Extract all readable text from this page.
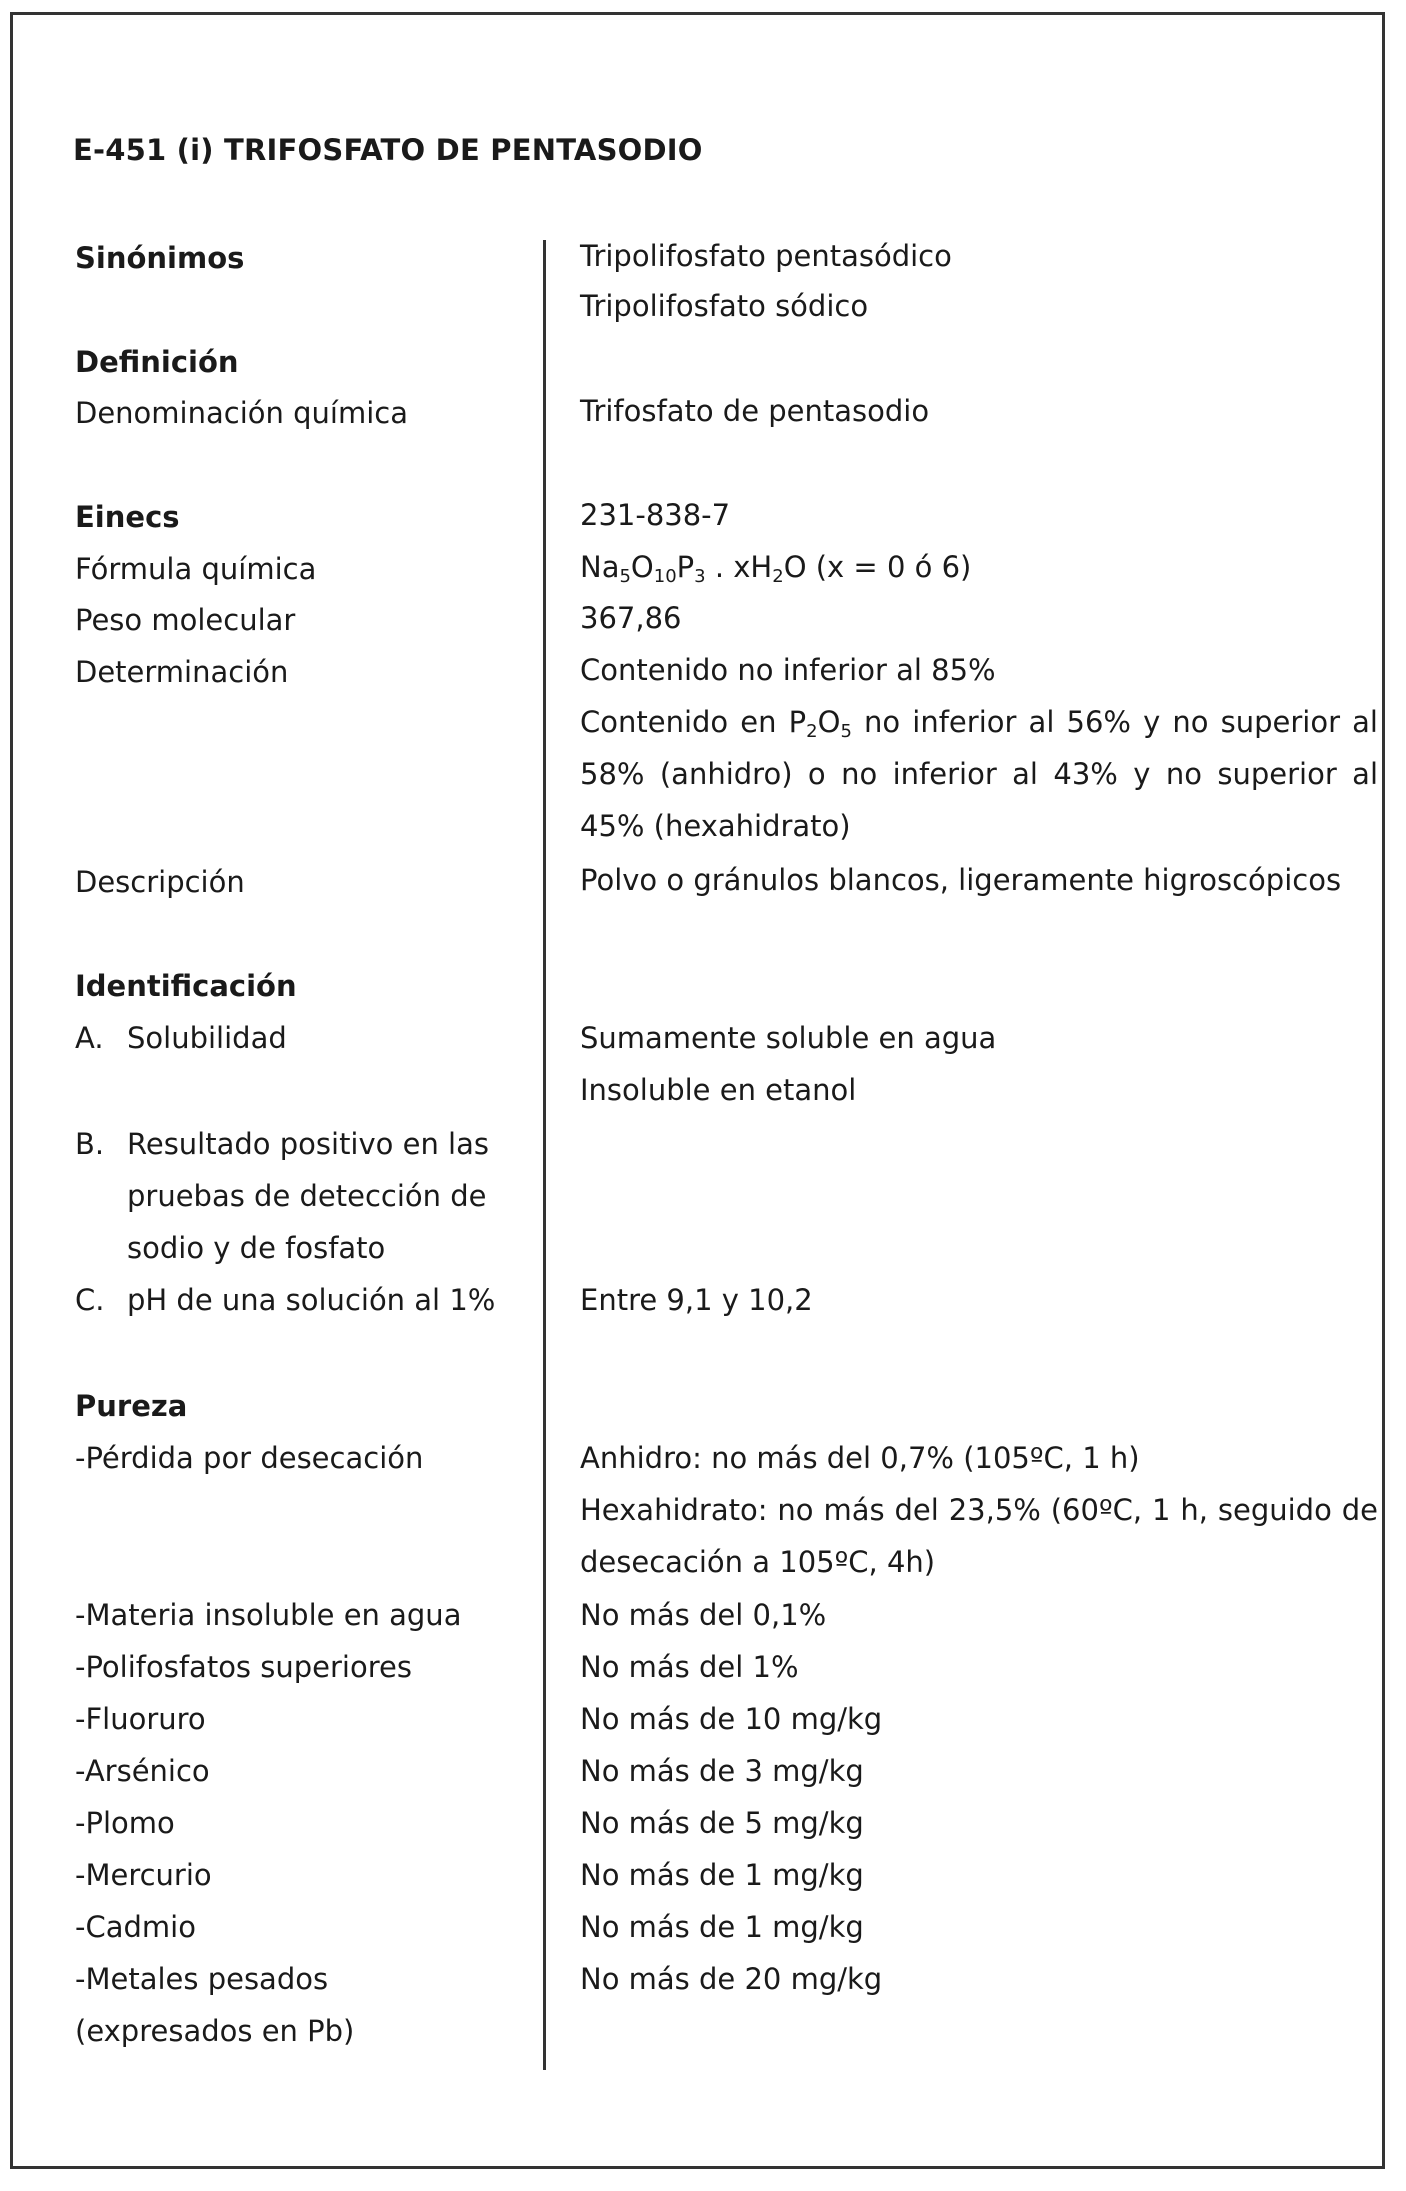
E-451 (i) TRIFOSFATO DE PENTASODIO
Sinónimos	Tripolifosfato pentasódico
Tripolifosfato sódico
Definición
Denominación química	Trifosfato de pentasodio
Einecs	231-838-7
Fórmula química	$Na_5O_{10}P_3$ . $xH_2O$ (x = 0 ó 6)
Peso molecular	367,86
Determinación	Contenido no inferior al 85%
Contenido en $P_2O_5$ no inferior al 56% y no superior al
58% (anhidro) o no inferior al 43% y no superior al
45% (hexahidrato)
Descripción	Polvo o gránulos blancos, ligeramente higroscópicos
Identificación
A. Solubilidad	Sumamente soluble en agua
Insoluble en etanol
B. Resultado positivo en las
pruebas de detección de
sodio y de fosfato
C. pH de una solución al 1%	Entre 9,1 y 10,2
Pureza
-Pérdida por desecación	Anhidro: no más del 0,7% (105ºC, 1 h)
Hexahidrato: no más del 23,5% (60ºC, 1 h, seguido de
desecación a 105ºC, 4h)
-Materia insoluble en agua	No más del 0,1%
-Polifosfatos superiores	No más del 1%
-Fluoruro	No más de 10 mg/kg
-Arsénico	No más de 3 mg/kg
-Plomo	No más de 5 mg/kg
-Mercurio	No más de 1 mg/kg
-Cadmio	No más de 1 mg/kg
-Metales pesados	No más de 20 mg/kg
(expresados en Pb)
